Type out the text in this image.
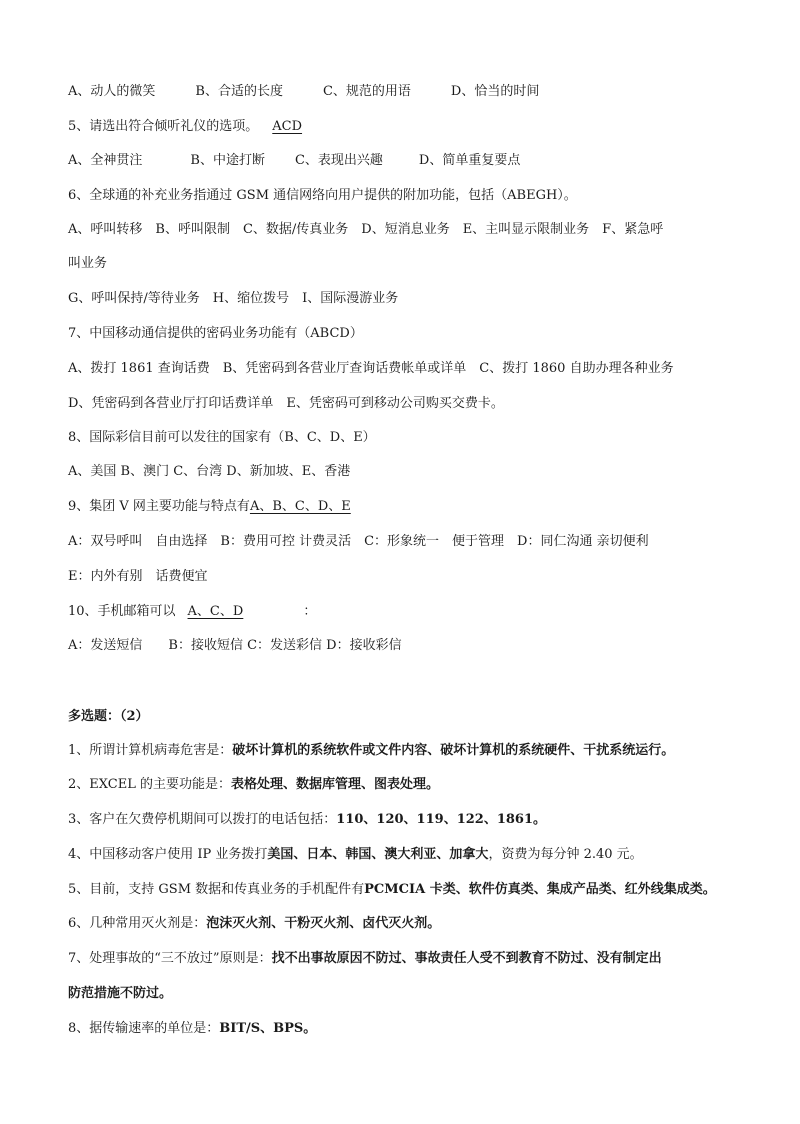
A、动人的微笑	B、合适的长度	C、规范的用语	D、恰当的时间
5、请选出符合倾听礼仪的选项。 ACD
A、全神贯注	B、中途打断 C、表现出兴趣	D、简单重复要点
6、全球通的补充业务指通过 GSM 通信网络向用户提供的附加功能，包括（ABEGH）。
A、呼叫转移　B、呼叫限制　C、数据/传真业务　D、短消息业务　E、主叫显示限制业务　F、紧急呼
叫业务
G、呼叫保持/等待业务　H、缩位拨号　I、国际漫游业务
7、中国移动通信提供的密码业务功能有（ABCD）
A、拨打 1861 查询话费　B、凭密码到各营业厅查询话费帐单或详单　C、拨打 1860 自助办理各种业务
D、凭密码到各营业厅打印话费详单　E、凭密码可到移动公司购买交费卡。
8、国际彩信目前可以发往的国家有（B、C、D、E）
A、美国 B、澳门 C、台湾 D、新加坡、E、香港
9、集团 V 网主要功能与特点有A、B、C、D、E
A：双号呼叫　自由选择　B：费用可控 计费灵活　C：形象统一　便于管理　D：同仁沟通 亲切便利
E：内外有别　话费便宜
10、手机邮箱可以 A、C、D	：
A：发送短信　　B：接收短信 C：发送彩信 D：接收彩信
多选题：（2）
1、所谓计算机病毒危害是：破坏计算机的系统软件或文件内容、破坏计算机的系统硬件、干扰系统运行。
2、EXCEL 的主要功能是：表格处理、数据库管理、图表处理。
3、客户在欠费停机期间可以拨打的电话包括：110、120、119、122、1861。
4、中国移动客户使用 IP 业务拨打美国、日本、韩国、澳大利亚、加拿大，资费为每分钟 2.40 元。
5、目前，支持 GSM 数据和传真业务的手机配件有PCMCIA 卡类、软件仿真类、集成产品类、红外线集成类。
6、几种常用灭火剂是：泡沫灭火剂、干粉灭火剂、卤代灭火剂。
7、处理事故的“三不放过”原则是：找不出事故原因不防过、事故责任人受不到教育不防过、没有制定出
防范措施不防过。
8、据传输速率的单位是：BIT/S、BPS。
